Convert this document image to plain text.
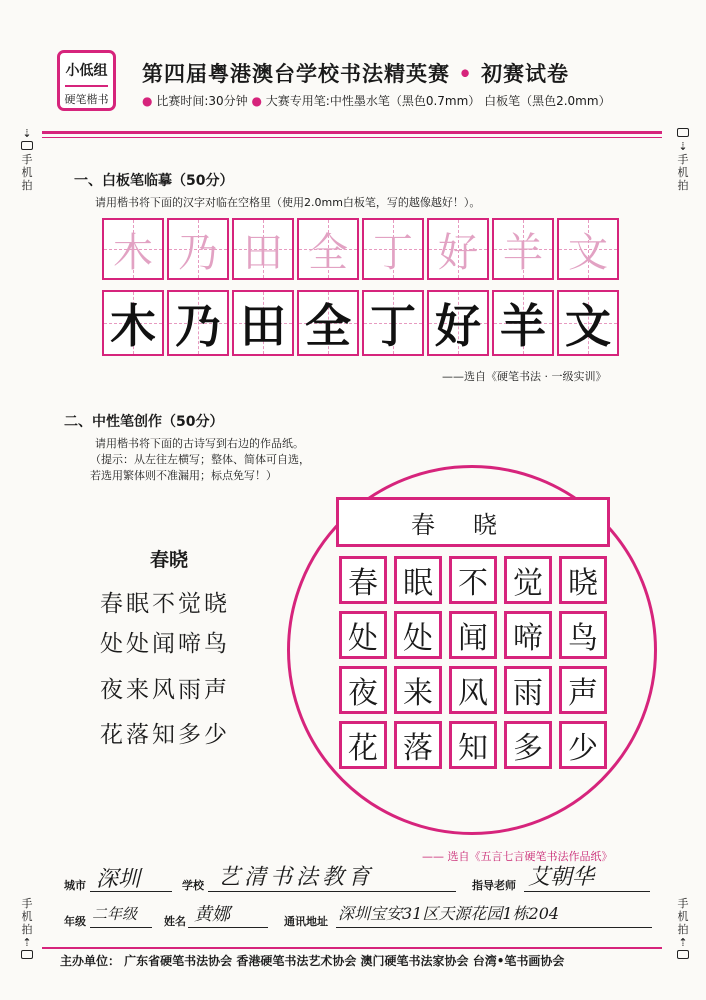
小低组
硬笔楷书
第四届粤港澳台学校书法精英赛 • 初赛试卷
● 比赛时间:30分钟 ● 大赛专用笔:中性墨水笔（黑色0.7mm） 白板笔（黑色2.0mm）
⇣
手机拍
⇣
手机拍
手机拍
⇡
手机拍
⇡
一、白板笔临摹（50分）
请用楷书将下面的汉字对临在空格里（使用2.0mm白板笔，写的越像越好！）。
木 乃 田 全 丁 好 羊 文
木 乃 田 全 丁 好 羊 文
——选自《硬笔书法 · 一级实训》
二、中性笔创作（50分）
请用楷书将下面的古诗写到右边的作品纸。
（提示：从左往左横写；整体、简体可自选，
若选用繁体则不准漏用；标点免写！）
春晓
春眠不觉晓
处处闻啼鸟
夜来风雨声
花落知多少
春晓
春 眠 不 觉 晓
处 处 闻 啼 鸟
夜 来 风 雨 声
花 落 知 多 少
—— 选自《五言七言硬笔书法作品纸》
城市 深圳	学校 艺清书法教育	指导老师 艾朝华
年级 二年级 姓名 黄娜	通讯地址 深圳宝安31区天源花园1栋204
主办单位： 广东省硬笔书法协会 香港硬笔书法艺术协会 澳门硬笔书法家协会 台湾•笔书画协会
